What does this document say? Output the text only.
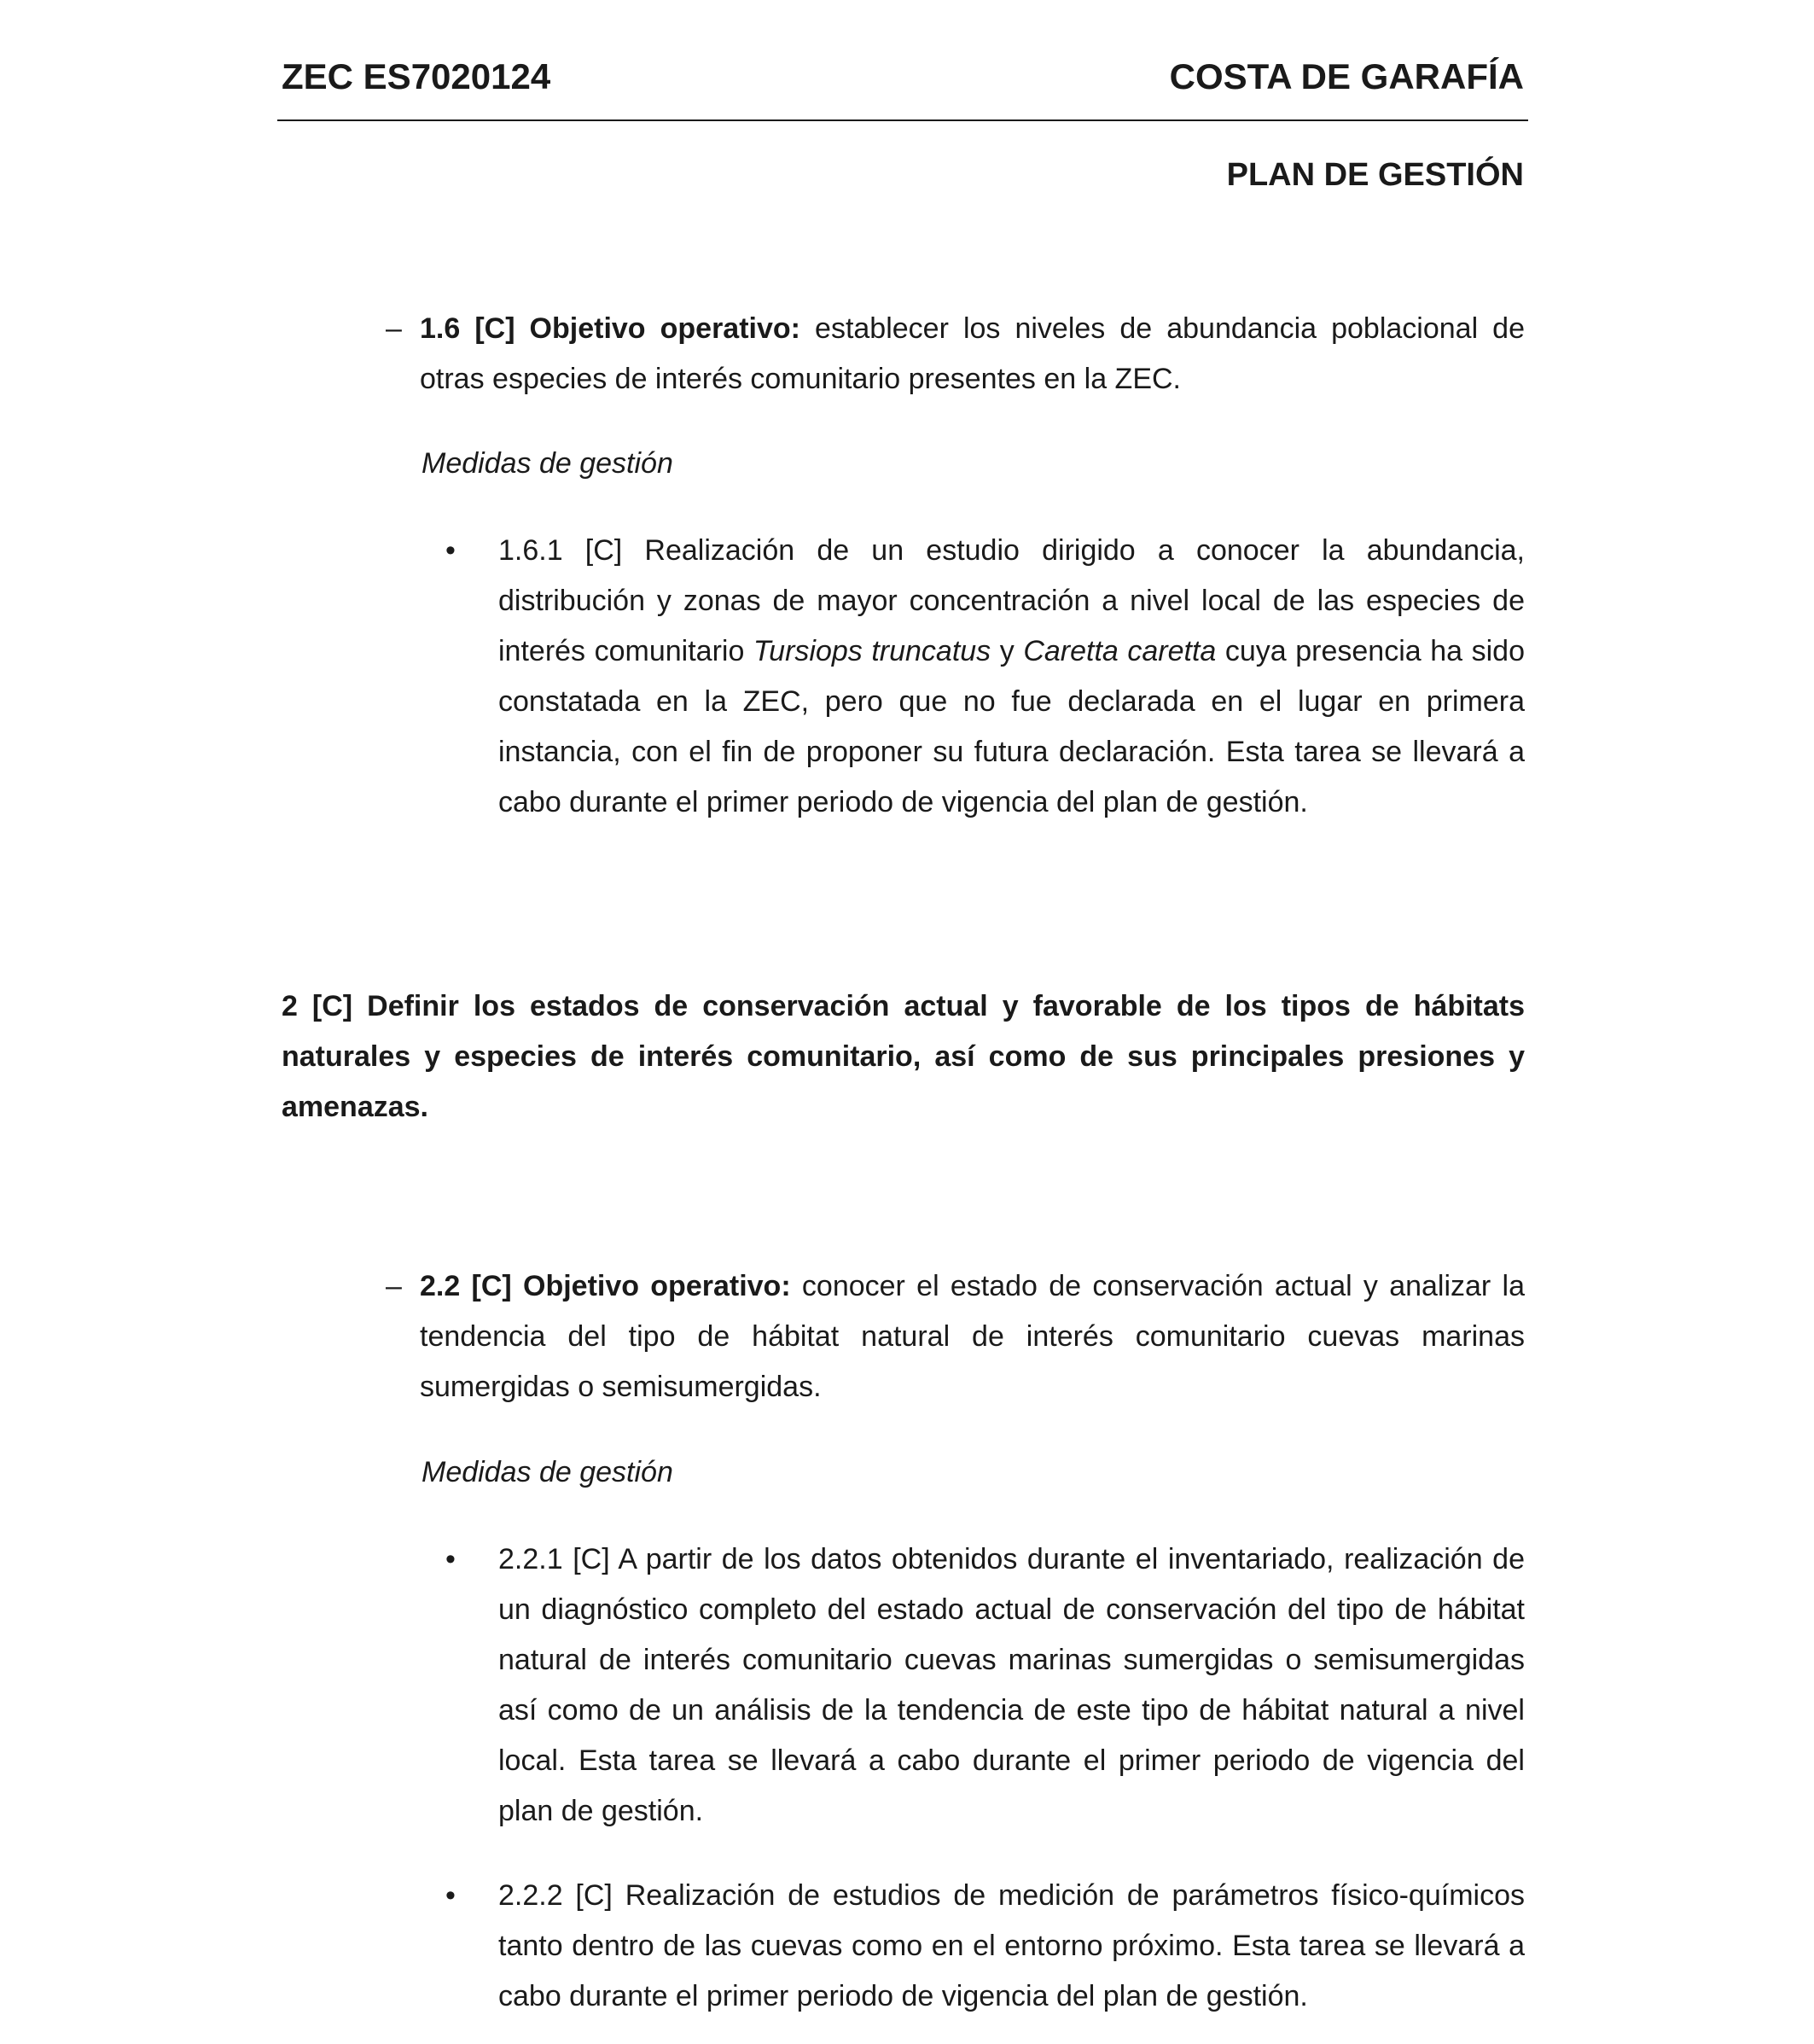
ZEC ES7020124	COSTA DE GARAFÍA
PLAN DE GESTIÓN
– 1.6 [C] Objetivo operativo: establecer los niveles de abundancia poblacional de otras especies de interés comunitario presentes en la ZEC.
Medidas de gestión
• 1.6.1 [C] Realización de un estudio dirigido a conocer la abundancia, distribución y zonas de mayor concentración a nivel local de las especies de interés comunitario Tursiops truncatus y Caretta caretta cuya presencia ha sido constatada en la ZEC, pero que no fue declarada en el lugar en primera instancia, con el fin de proponer su futura declaración. Esta tarea se llevará a cabo durante el primer periodo de vigencia del plan de gestión.
2 [C] Definir los estados de conservación actual y favorable de los tipos de hábitats naturales y especies de interés comunitario, así como de sus principales presiones y amenazas.
– 2.2 [C] Objetivo operativo: conocer el estado de conservación actual y analizar la tendencia del tipo de hábitat natural de interés comunitario cuevas marinas sumergidas o semisumergidas.
Medidas de gestión
• 2.2.1 [C] A partir de los datos obtenidos durante el inventariado, realización de un diagnóstico completo del estado actual de conservación del tipo de hábitat natural de interés comunitario cuevas marinas sumergidas o semisumergidas así como de un análisis de la tendencia de este tipo de hábitat natural a nivel local. Esta tarea se llevará a cabo durante el primer periodo de vigencia del plan de gestión.
• 2.2.2 [C] Realización de estudios de medición de parámetros físico-químicos tanto dentro de las cuevas como en el entorno próximo. Esta tarea se llevará a cabo durante el primer periodo de vigencia del plan de gestión.
